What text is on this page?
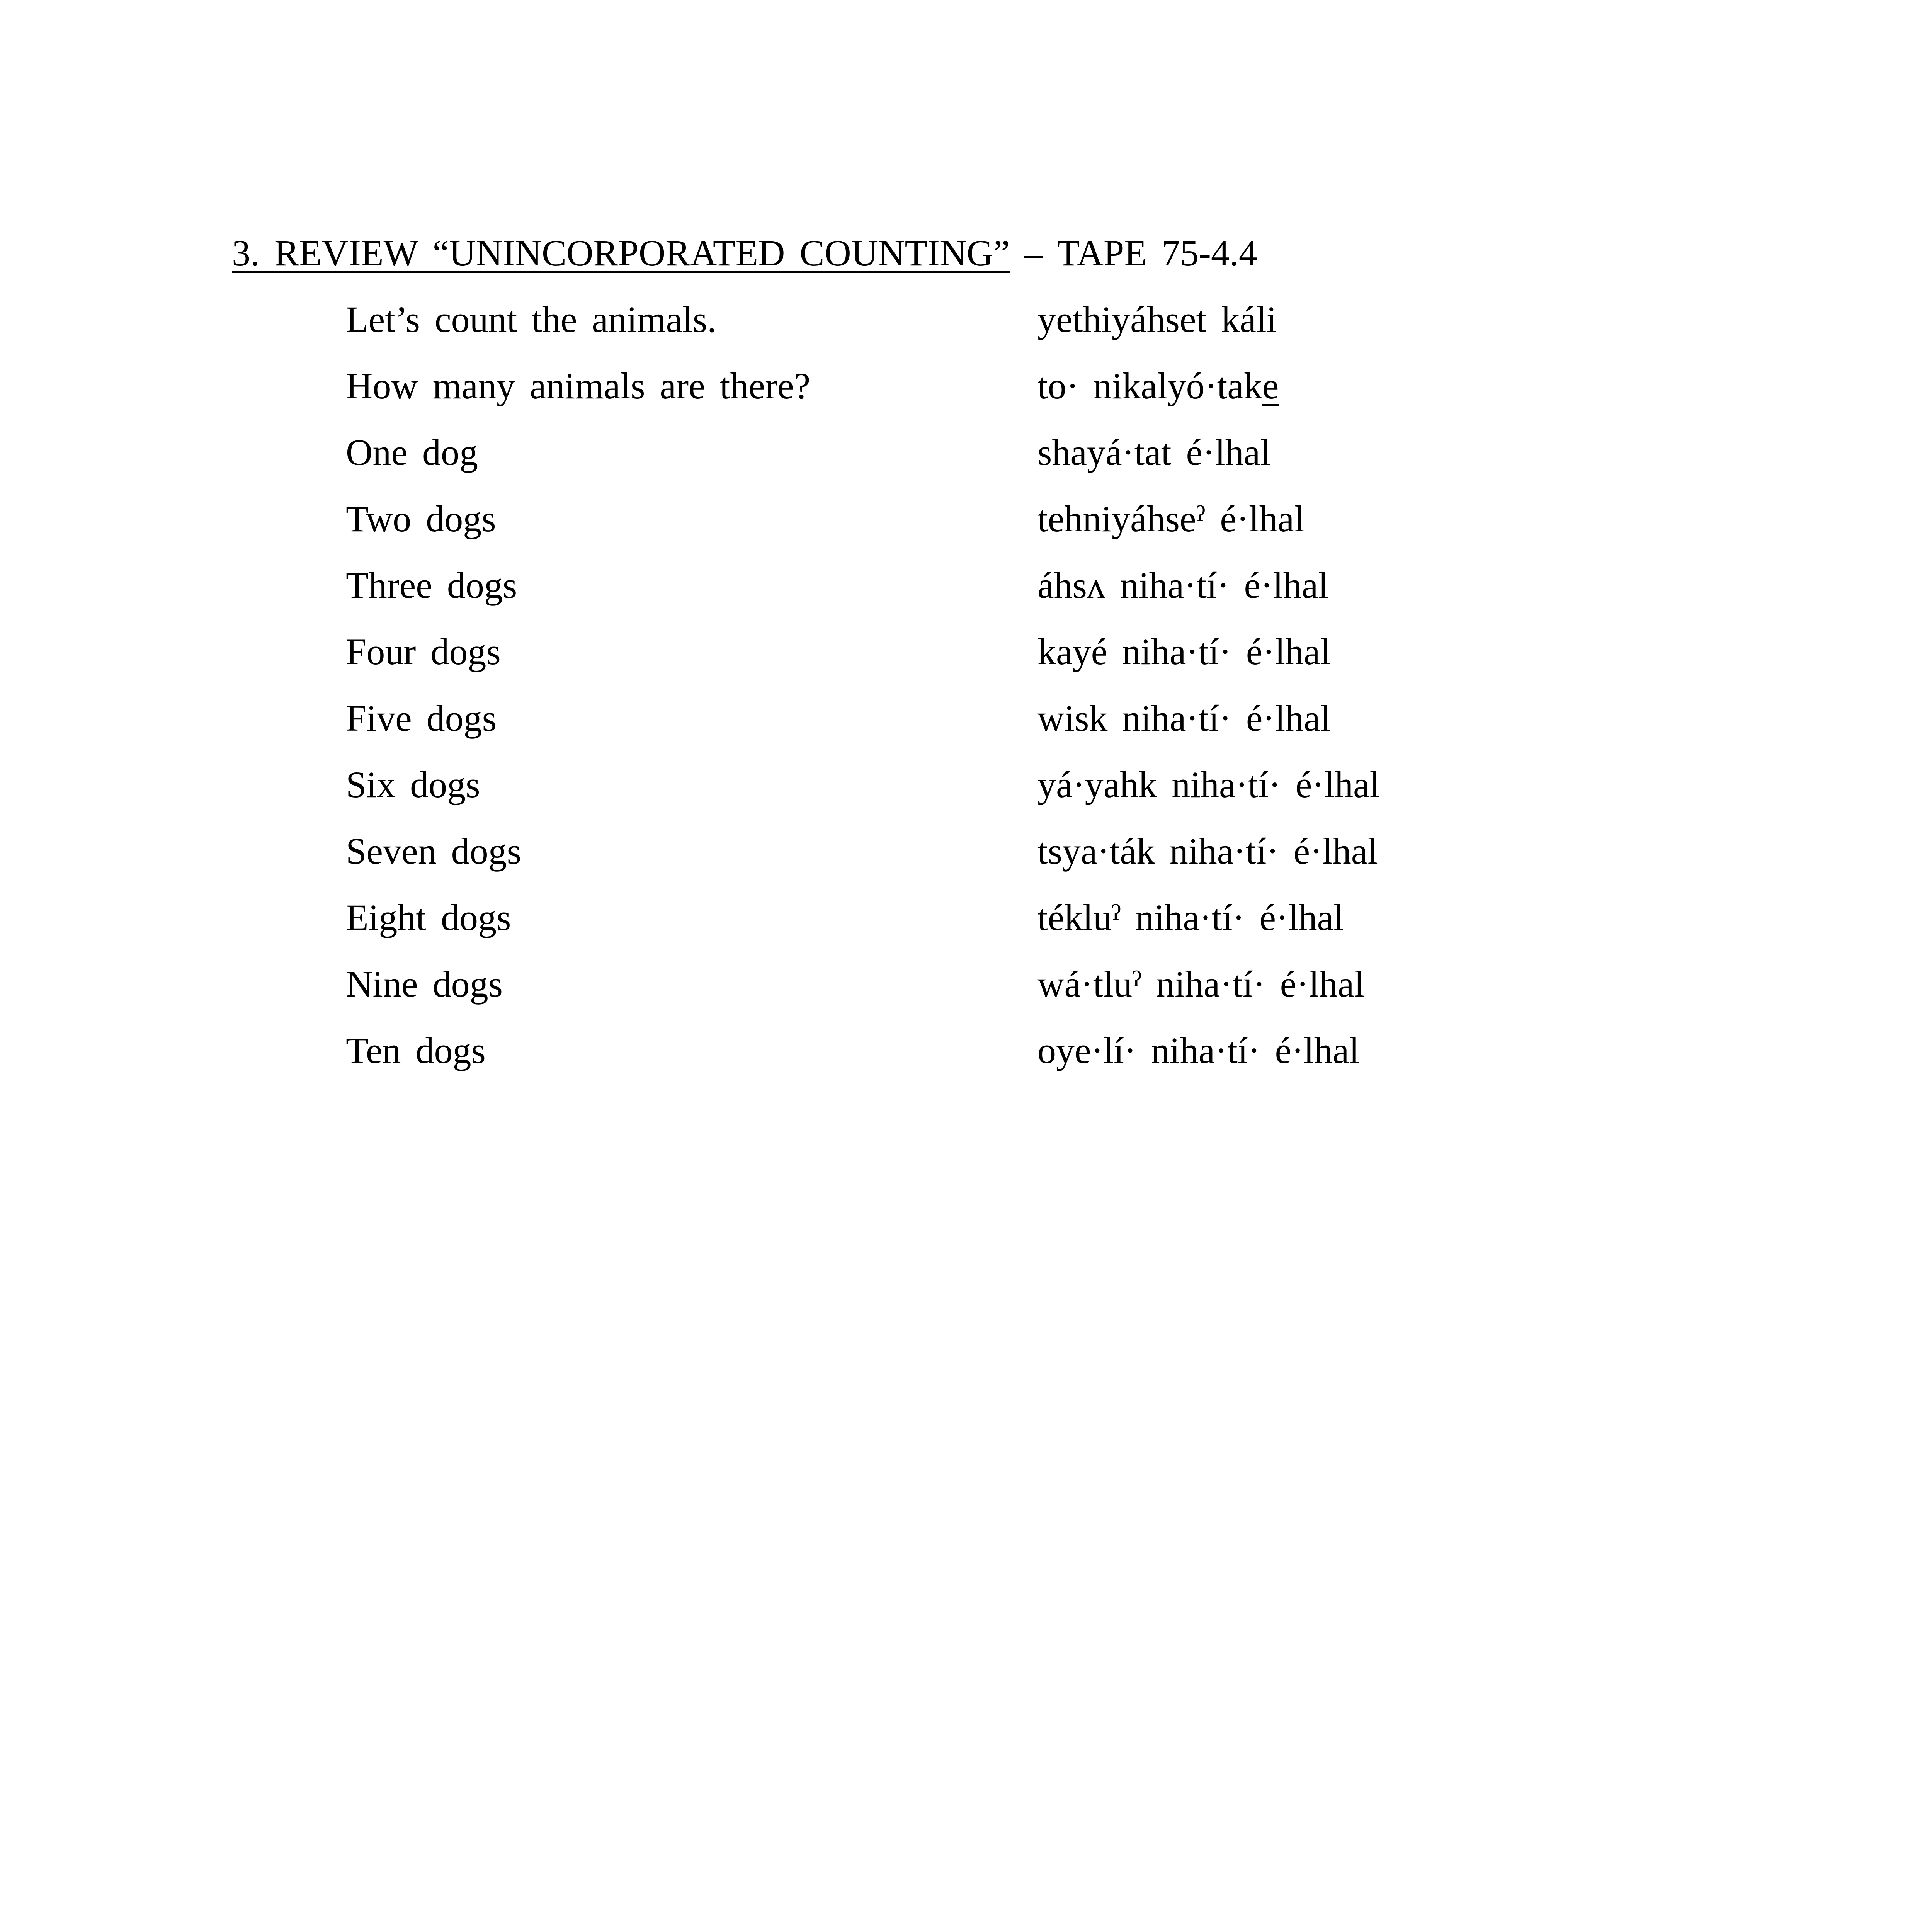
3. REVIEW “UNINCORPORATED COUNTING” – TAPE 75-4.4
Let’s count the animals.	yethiyáhset káli
How many animals are there?	to· nikalyó·take
One dog	shayá·tat é·lhal
Two dogs	tehniyáhseˀ é·lhal
Three dogs	áhsʌ niha·tí· é·lhal
Four dogs	kayé niha·tí· é·lhal
Five dogs	wisk niha·tí· é·lhal
Six dogs	yá·yahk niha·tí· é·lhal
Seven dogs	tsya·ták niha·tí· é·lhal
Eight dogs	tékluˀ niha·tí· é·lhal
Nine dogs	wá·tluˀ niha·tí· é·lhal
Ten dogs	oye·lí· niha·tí· é·lhal
